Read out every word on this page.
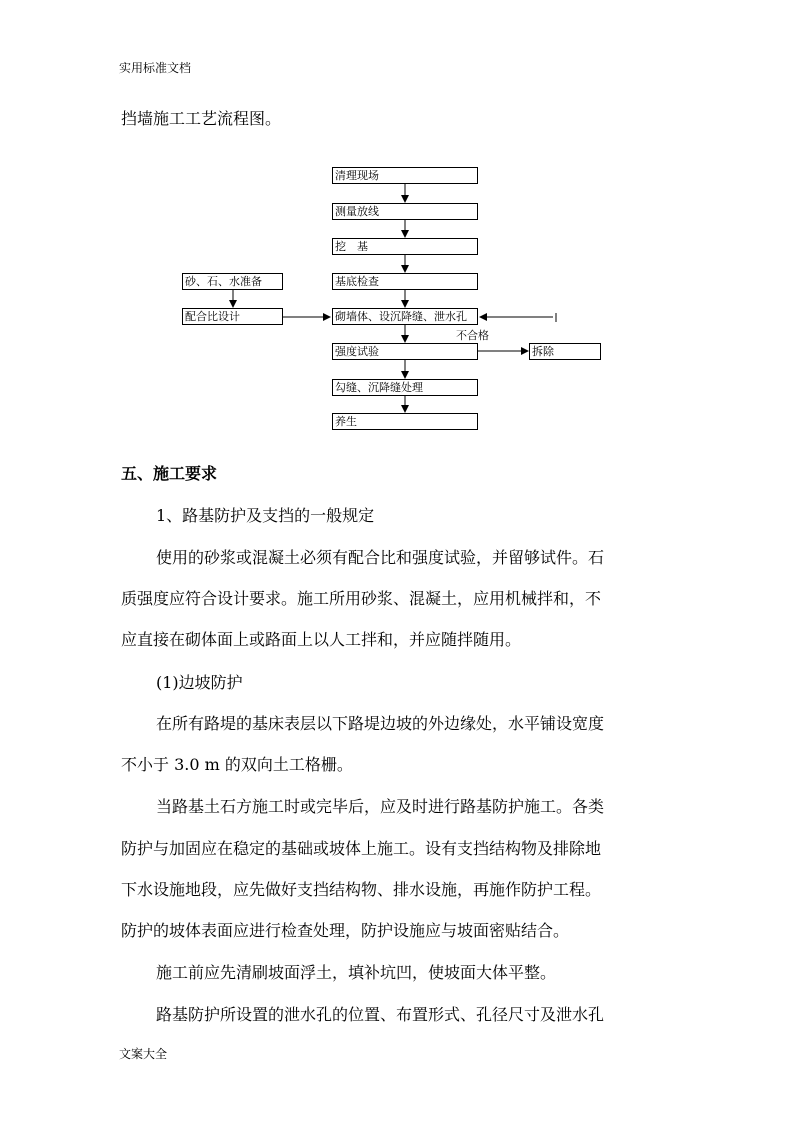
实用标准文档
挡墙施工工艺流程图。
清理现场
测量放线
挖　基
基底检查
砌墙体、设沉降缝、泄水孔
强度试验
勾缝、沉降缝处理
养生
砂、石、水准备
配合比设计
不合格
拆除
五、施工要求
1、路基防护及支挡的一般规定
使用的砂浆或混凝土必须有配合比和强度试验，并留够试件。石
质强度应符合设计要求。施工所用砂浆、混凝土，应用机械拌和，不
应直接在砌体面上或路面上以人工拌和，并应随拌随用。
(1)边坡防护
在所有路堤的基床表层以下路堤边坡的外边缘处，水平铺设宽度
不小于 3.0 m 的双向土工格栅。
当路基土石方施工时或完毕后，应及时进行路基防护施工。各类
防护与加固应在稳定的基础或坡体上施工。设有支挡结构物及排除地
下水设施地段，应先做好支挡结构物、排水设施，再施作防护工程。
防护的坡体表面应进行检查处理，防护设施应与坡面密贴结合。
施工前应先清刷坡面浮土，填补坑凹，使坡面大体平整。
路基防护所设置的泄水孔的位置、布置形式、孔径尺寸及泄水孔
文案大全
